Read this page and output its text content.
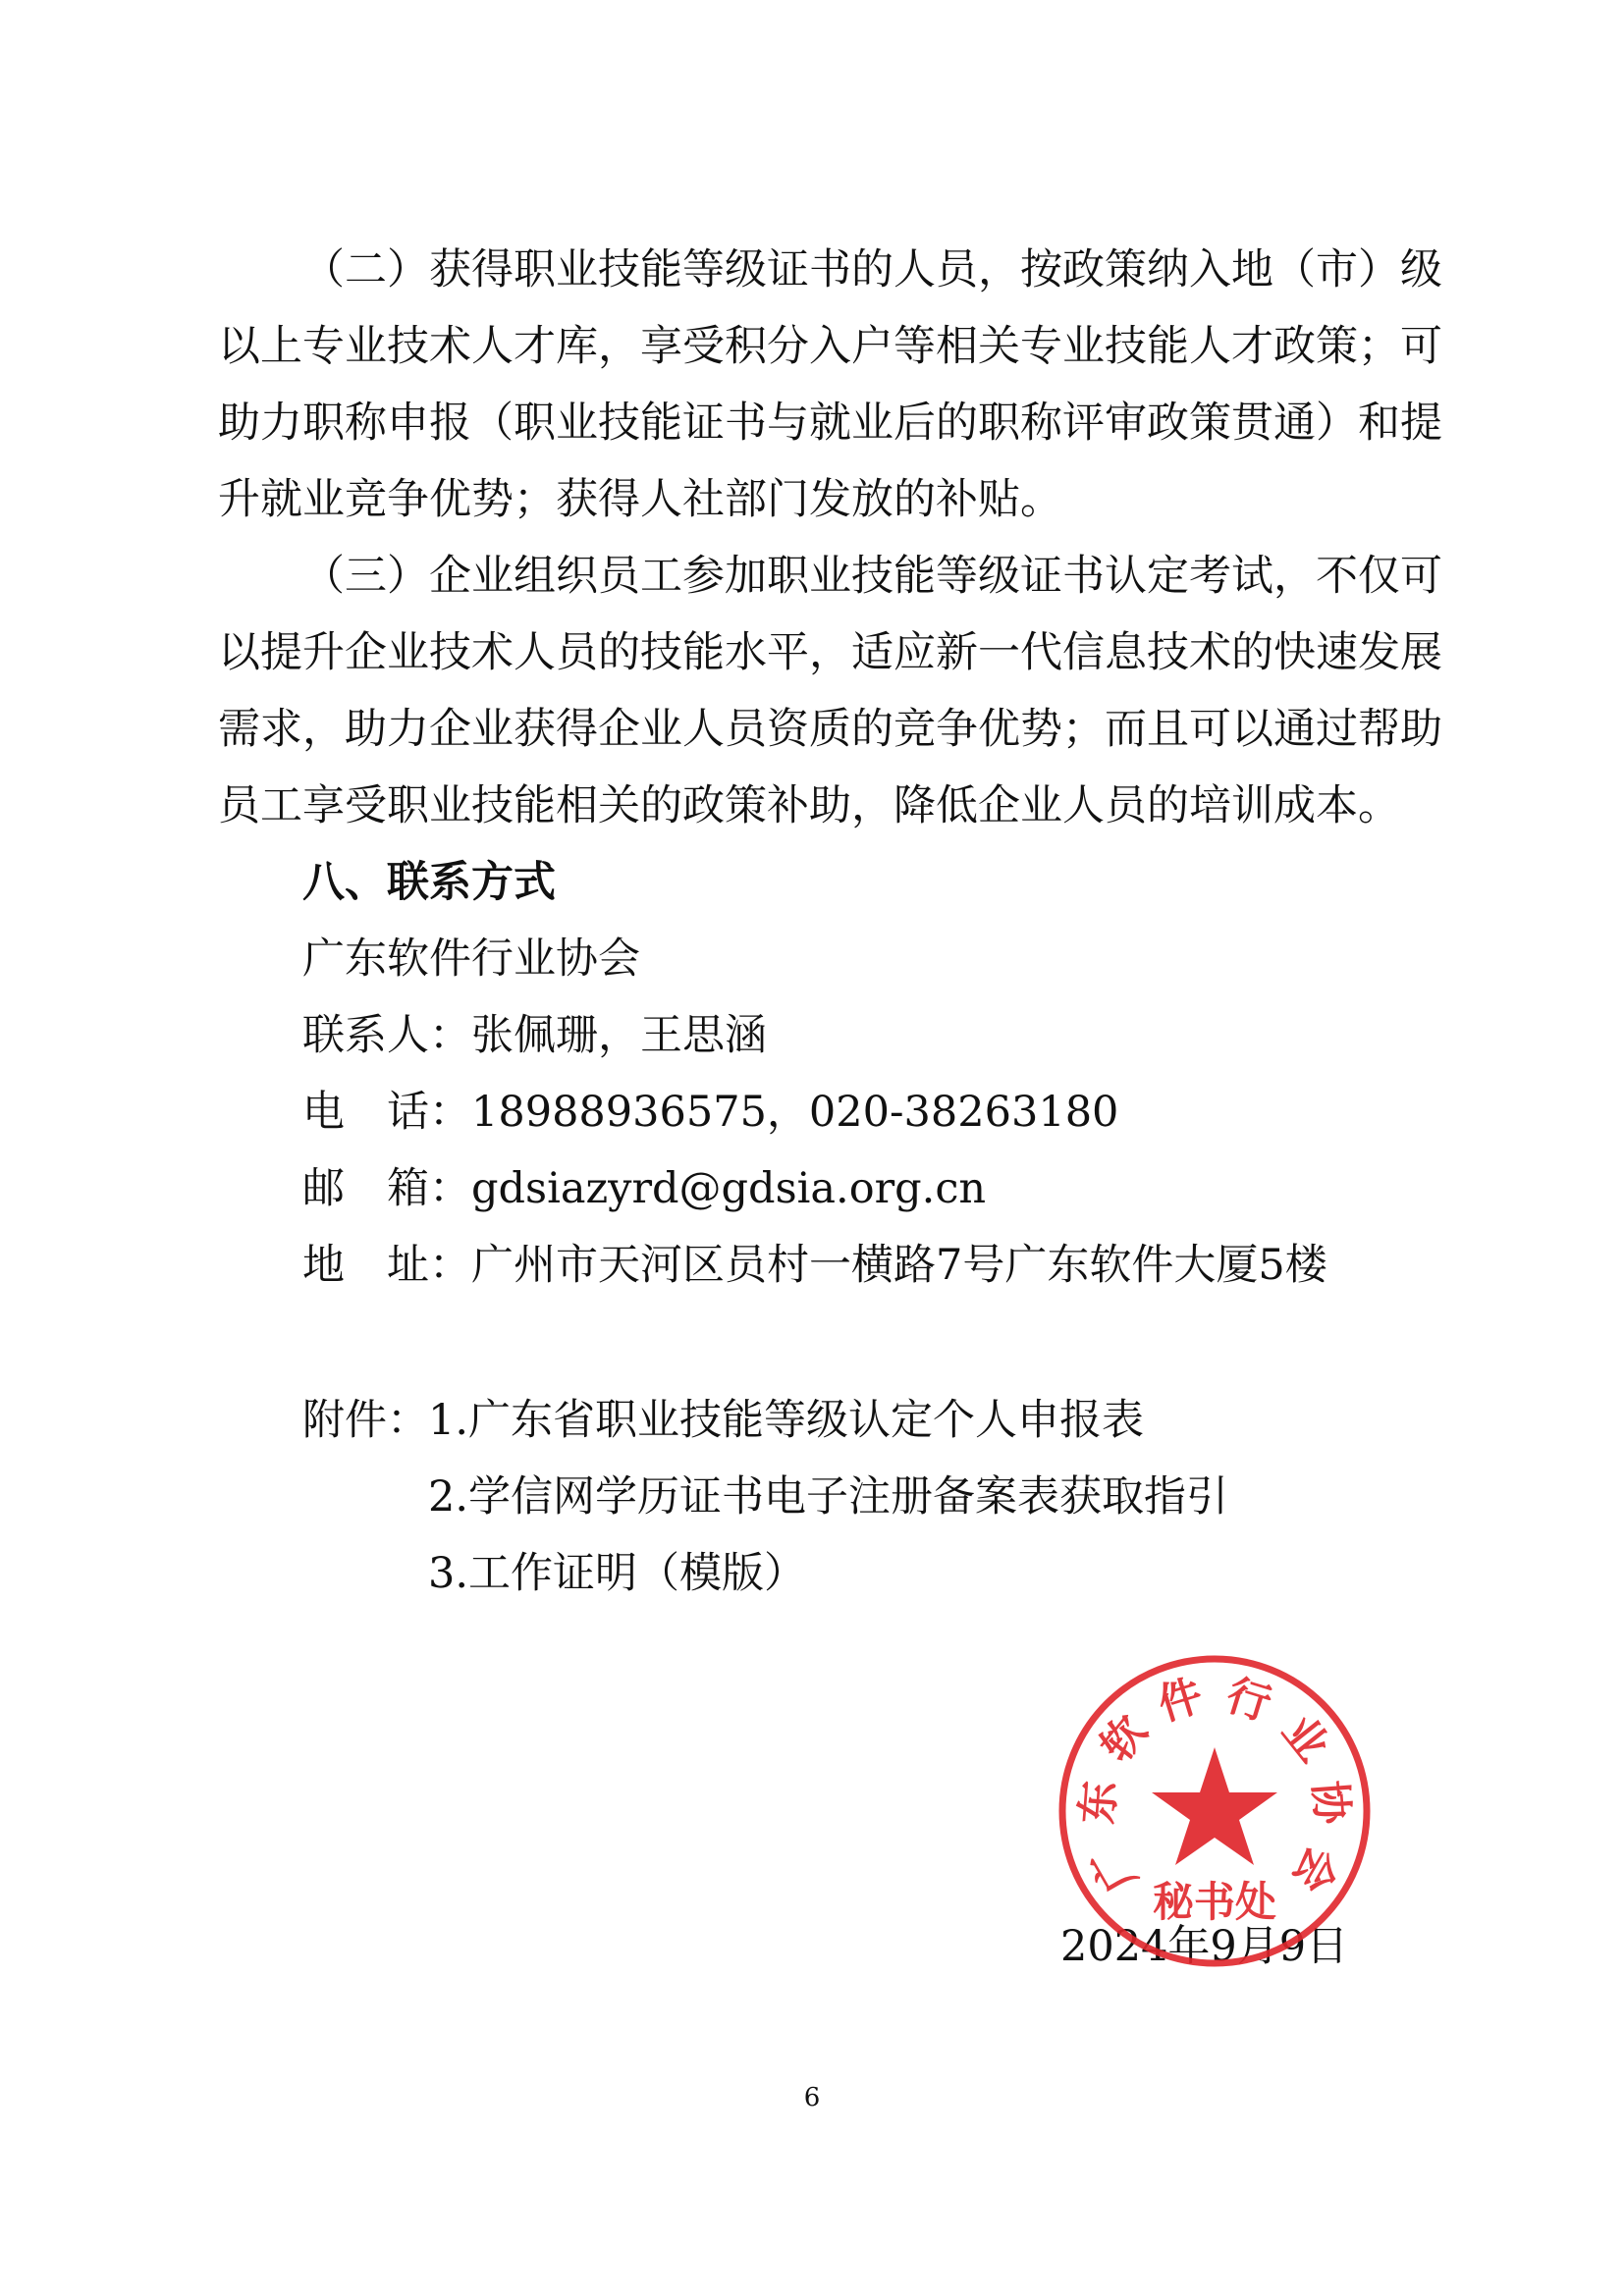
（二）获得职业技能等级证书的人员，按政策纳入地（市）级
以上专业技术人才库，享受积分入户等相关专业技能人才政策；可
助力职称申报（职业技能证书与就业后的职称评审政策贯通）和提
升就业竞争优势；获得人社部门发放的补贴。
（三）企业组织员工参加职业技能等级证书认定考试，不仅可
以提升企业技术人员的技能水平，适应新一代信息技术的快速发展
需求，助力企业获得企业人员资质的竞争优势；而且可以通过帮助
员工享受职业技能相关的政策补助，降低企业人员的培训成本。
八、联系方式
广东软件行业协会
联系人：张佩珊，王思涵
电　话：18988936575，020-38263180
邮　箱：gdsiazyrd@gdsia.org.cn
地　址：广州市天河区员村一横路7号广东软件大厦5楼
附件： 1.广东省职业技能等级认定个人申报表
2.学信网学历证书电子注册备案表获取指引
3.工作证明（模版）
2024年9月9日
广
东
软
件 行
业
协
会
秘书处
6
